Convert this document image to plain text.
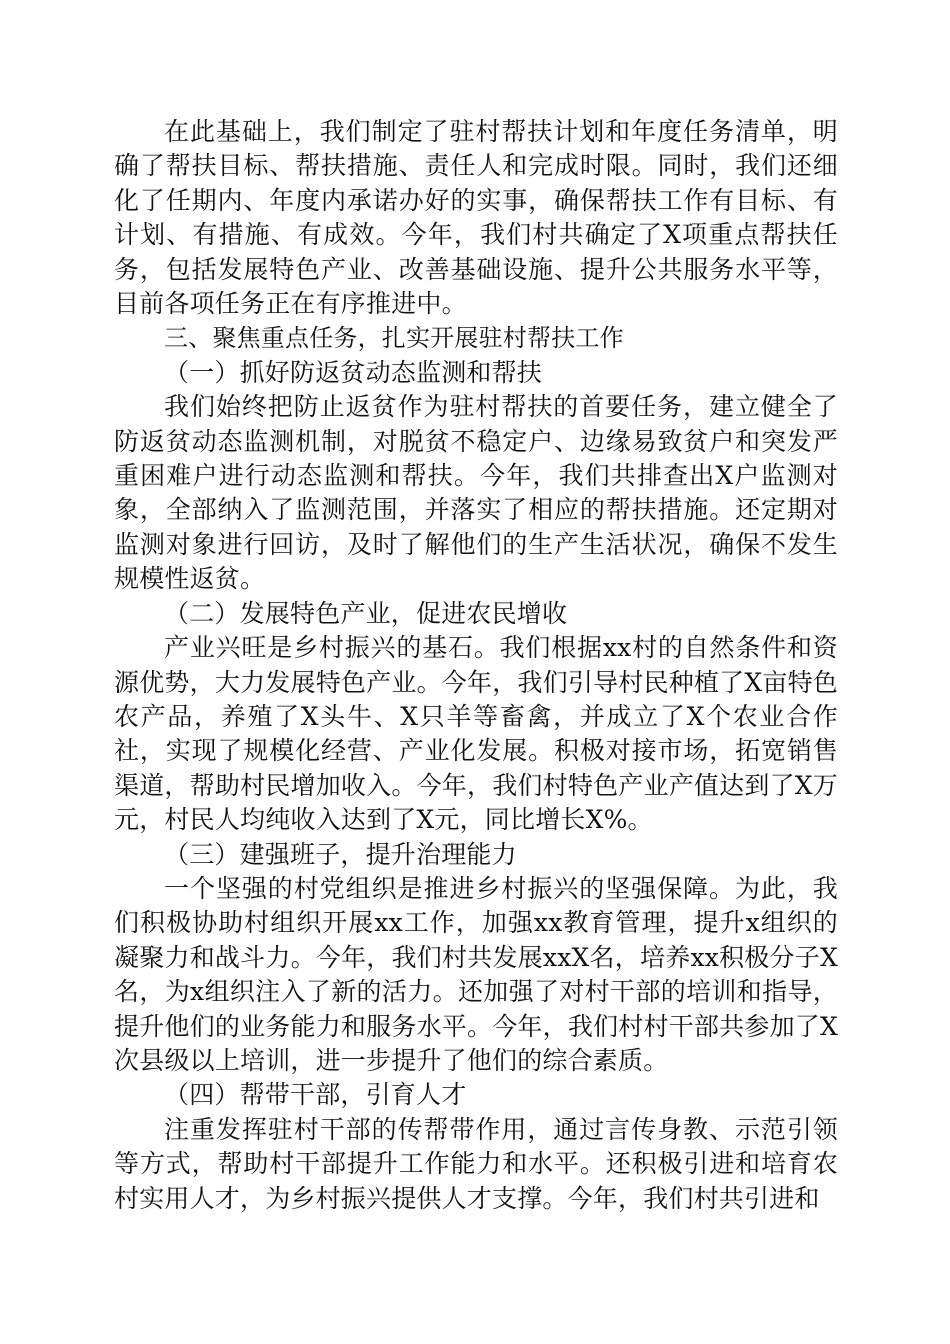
在此基础上，我们制定了驻村帮扶计划和年度任务清单，明确了帮扶目标、帮扶措施、责任人和完成时限。同时，我们还细化了任期内、年度内承诺办好的实事，确保帮扶工作有目标、有计划、有措施、有成效。今年，我们村共确定了X项重点帮扶任务，包括发展特色产业、改善基础设施、提升公共服务水平等，目前各项任务正在有序推进中。

三、聚焦重点任务，扎实开展驻村帮扶工作

（一）抓好防返贫动态监测和帮扶

我们始终把防止返贫作为驻村帮扶的首要任务，建立健全了防返贫动态监测机制，对脱贫不稳定户、边缘易致贫户和突发严重困难户进行动态监测和帮扶。今年，我们共排查出X户监测对象，全部纳入了监测范围，并落实了相应的帮扶措施。还定期对监测对象进行回访，及时了解他们的生产生活状况，确保不发生规模性返贫。

（二）发展特色产业，促进农民增收

产业兴旺是乡村振兴的基石。我们根据xx村的自然条件和资源优势，大力发展特色产业。今年，我们引导村民种植了X亩特色农产品，养殖了X头牛、X只羊等畜禽，并成立了X个农业合作社，实现了规模化经营、产业化发展。积极对接市场，拓宽销售渠道，帮助村民增加收入。今年，我们村特色产业产值达到了X万元，村民人均纯收入达到了X元，同比增长X%。

（三）建强班子，提升治理能力

一个坚强的村党组织是推进乡村振兴的坚强保障。为此，我们积极协助村组织开展xx工作，加强xx教育管理，提升x组织的凝聚力和战斗力。今年，我们村共发展xxX名，培养xx积极分子X名，为x组织注入了新的活力。还加强了对村干部的培训和指导，提升他们的业务能力和服务水平。今年，我们村村干部共参加了X次县级以上培训，进一步提升了他们的综合素质。

（四）帮带干部，引育人才

注重发挥驻村干部的传帮带作用，通过言传身教、示范引领等方式，帮助村干部提升工作能力和水平。还积极引进和培育农村实用人才，为乡村振兴提供人才支撑。今年，我们村共引进和
